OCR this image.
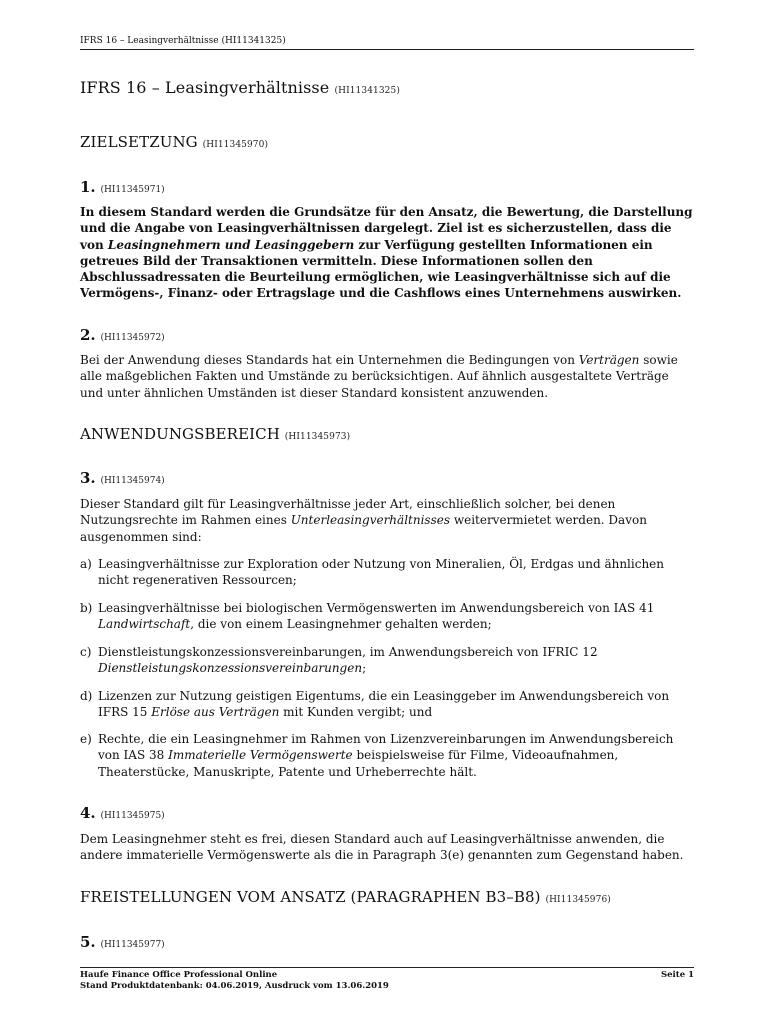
IFRS 16 – Leasingverhältnisse (HI11341325)
IFRS 16 – Leasingverhältnisse (HI11341325)
ZIELSETZUNG (HI11345970)
1. (HI11345971)

In diesem Standard werden die Grundsätze für den Ansatz, die Bewertung, die Darstellung und die Angabe von Leasingverhältnissen dargelegt. Ziel ist es sicherzustellen, dass die von Leasingnehmern und Leasinggebern zur Verfügung gestellten Informationen ein getreues Bild der Transaktionen vermitteln. Diese Informationen sollen den Abschlussadressaten die Beurteilung ermöglichen, wie Leasingverhältnisse sich auf die Vermögens-, Finanz- oder Ertragslage und die Cashflows eines Unternehmens auswirken.

2. (HI11345972)

Bei der Anwendung dieses Standards hat ein Unternehmen die Bedingungen von Verträgen sowie alle maßgeblichen Fakten und Umstände zu berücksichtigen. Auf ähnlich ausgestaltete Verträge und unter ähnlichen Umständen ist dieser Standard konsistent anzuwenden.

ANWENDUNGSBEREICH (HI11345973)
3. (HI11345974)

Dieser Standard gilt für Leasingverhältnisse jeder Art, einschließlich solcher, bei denen Nutzungsrechte im Rahmen eines Unterleasingverhältnisses weitervermietet werden. Davon ausgenommen sind:

a) Leasingverhältnisse zur Exploration oder Nutzung von Mineralien, Öl, Erdgas und ähnlichen nicht regenerativen Ressourcen;

b) Leasingverhältnisse bei biologischen Vermögenswerten im Anwendungsbereich von IAS 41 Landwirtschaft, die von einem Leasingnehmer gehalten werden;

c) Dienstleistungskonzessionsvereinbarungen, im Anwendungsbereich von IFRIC 12 Dienstleistungskonzessionsvereinbarungen;

d) Lizenzen zur Nutzung geistigen Eigentums, die ein Leasinggeber im Anwendungsbereich von IFRS 15 Erlöse aus Verträgen mit Kunden vergibt; und

e) Rechte, die ein Leasingnehmer im Rahmen von Lizenzvereinbarungen im Anwendungsbereich von IAS 38 Immaterielle Vermögenswerte beispielsweise für Filme, Videoaufnahmen, Theaterstücke, Manuskripte, Patente und Urheberrechte hält.

4. (HI11345975)

Dem Leasingnehmer steht es frei, diesen Standard auch auf Leasingverhältnisse anwenden, die andere immaterielle Vermögenswerte als die in Paragraph 3(e) genannten zum Gegenstand haben.

FREISTELLUNGEN VOM ANSATZ (PARAGRAPHEN B3–B8) (HI11345976)
5. (HI11345977)
Haufe Finance Office Professional Online
Stand Produktdatenbank: 04.06.2019, Ausdruck vom 13.06.2019
Seite 1
